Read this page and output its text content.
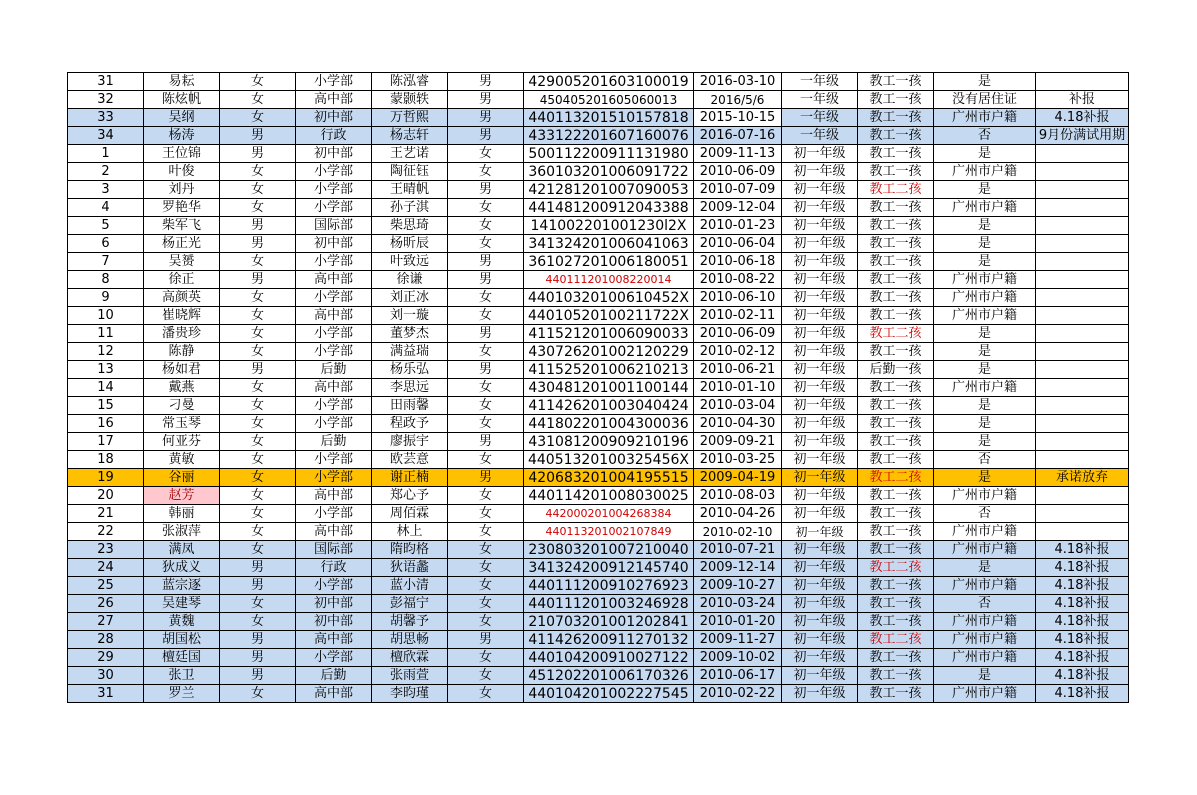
31	易耘	女	小学部	陈泓睿	男	429005201603100019	2016-03-10	一年级	教工一孩	是	
32	陈炫帆	女	高中部	蒙颢轶	男	450405201605060013	2016/5/6	一年级	教工一孩	没有居住证	补报
33	吴纲	女	初中部	万哲熙	男	440113201510157818	2015-10-15	一年级	教工一孩	广州市户籍	4.18补报
34	杨涛	男	行政	杨志轩	男	433122201607160076	2016-07-16	一年级	教工一孩	否	9月份满试用期
1	王位锦	男	初中部	王艺诺	女	500112200911131980	2009-11-13	初一年级	教工一孩	是	
2	叶俊	女	小学部	陶征钰	女	360103201006091722	2010-06-09	初一年级	教工一孩	广州市户籍	
3	刘丹	女	小学部	王晴帆	男	421281201007090053	2010-07-09	初一年级	教工二孩	是	
4	罗艳华	女	小学部	孙子淇	女	441481200912043388	2009-12-04	初一年级	教工一孩	广州市户籍	
5	柴军飞	男	国际部	柴思琦	女	141002201001230l2X	2010-01-23	初一年级	教工一孩	是	
6	杨正光	男	初中部	杨昕辰	女	341324201006041063	2010-06-04	初一年级	教工一孩	是	
7	吴赟	女	小学部	叶致远	男	361027201006180051	2010-06-18	初一年级	教工一孩	是	
8	徐正	男	高中部	徐谦	男	440111201008220014	2010-08-22	初一年级	教工一孩	广州市户籍	
9	高颜英	女	小学部	刘正冰	女	44010320100610452X	2010-06-10	初一年级	教工一孩	广州市户籍	
10	崔晓辉	女	高中部	刘一璇	女	44010520100211722X	2010-02-11	初一年级	教工一孩	广州市户籍	
11	潘贵珍	女	小学部	董梦杰	男	411521201006090033	2010-06-09	初一年级	教工二孩	是	
12	陈静	女	小学部	满益瑞	女	430726201002120229	2010-02-12	初一年级	教工一孩	是	
13	杨如君	男	后勤	杨乐弘	男	411525201006210213	2010-06-21	初一年级	后勤一孩	是	
14	戴燕	女	高中部	李思远	女	430481201001100144	2010-01-10	初一年级	教工一孩	广州市户籍	
15	刁曼	女	小学部	田雨馨	女	411426201003040424	2010-03-04	初一年级	教工一孩	是	
16	常玉琴	女	小学部	程政予	女	441802201004300036	2010-04-30	初一年级	教工一孩	是	
17	何亚芬	女	后勤	廖振宇	男	431081200909210196	2009-09-21	初一年级	教工一孩	是	
18	黄敏	女	小学部	欧芸意	女	44051320100325456X	2010-03-25	初一年级	教工一孩	否	
19	谷丽	女	小学部	谢正楠	男	420683201004195515	2009-04-19	初一年级	教工二孩	是	承诺放弃
20	赵芳	女	高中部	郑心予	女	440114201008030025	2010-08-03	初一年级	教工一孩	广州市户籍	
21	韩丽	女	小学部	周佰霖	女	442000201004268384	2010-04-26	初一年级	教工一孩	否	
22	张淑萍	女	高中部	林上	女	440113201002107849	2010-02-10	初一年级	教工一孩	广州市户籍	
23	满凤	女	国际部	隋昀格	女	230803201007210040	2010-07-21	初一年级	教工一孩	广州市户籍	4.18补报
24	狄成义	男	行政	狄语蠡	女	341324200912145740	2009-12-14	初一年级	教工二孩	是	4.18补报
25	蓝宗逐	男	小学部	蓝小清	女	440111200910276923	2009-10-27	初一年级	教工一孩	广州市户籍	4.18补报
26	吴建琴	女	初中部	彭福宁	女	440111201003246928	2010-03-24	初一年级	教工一孩	否	4.18补报
27	黄魏	女	初中部	胡馨予	女	210703201001202841	2010-01-20	初一年级	教工一孩	广州市户籍	4.18补报
28	胡国松	男	高中部	胡思畅	男	411426200911270132	2009-11-27	初一年级	教工二孩	广州市户籍	4.18补报
29	檀廷国	男	小学部	檀欣霖	女	440104200910027122	2009-10-02	初一年级	教工一孩	广州市户籍	4.18补报
30	张卫	男	后勤	张雨萱	女	451202201006170326	2010-06-17	初一年级	教工一孩	是	4.18补报
31	罗兰	女	高中部	李昀瑾	女	440104201002227545	2010-02-22	初一年级	教工一孩	广州市户籍	4.18补报
